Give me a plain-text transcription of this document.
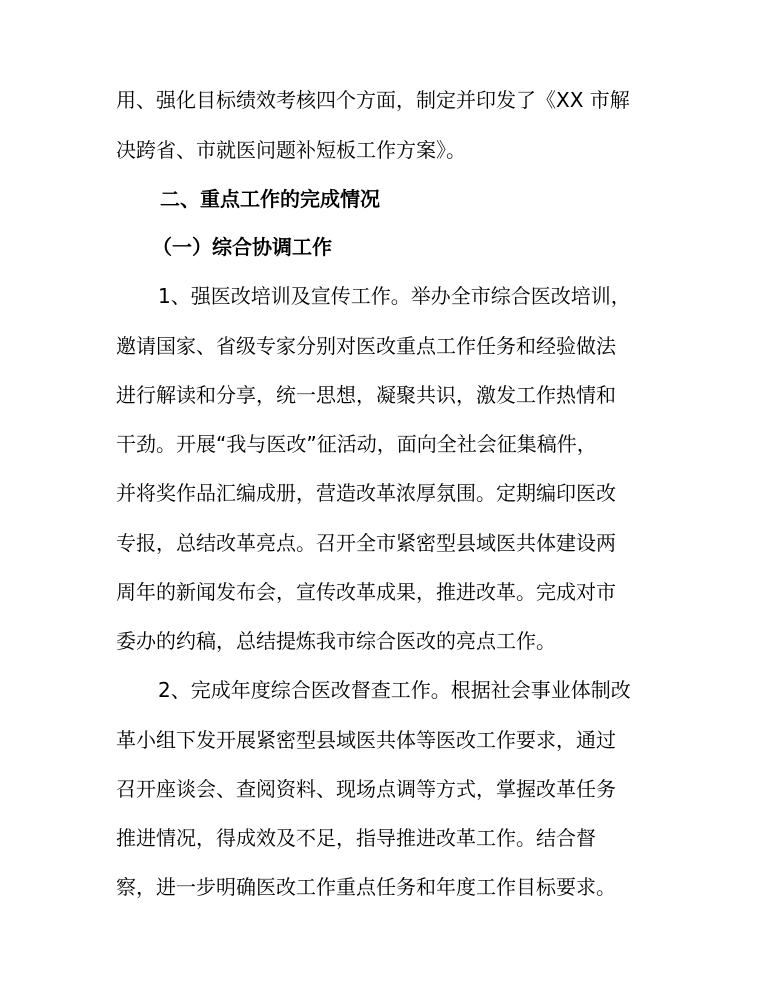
用、强化目标绩效考核四个方面，制定并印发了《XX 市解
决跨省、市就医问题补短板工作方案》。
二、重点工作的完成情况
（一）综合协调工作
1、强医改培训及宣传工作。举办全市综合医改培训，
邀请国家、省级专家分别对医改重点工作任务和经验做法
进行解读和分享，统一思想，凝聚共识，激发工作热情和
干劲。开展“我与医改”征活动，面向全社会征集稿件，
并将奖作品汇编成册，营造改革浓厚氛围。定期编印医改
专报，总结改革亮点。召开全市紧密型县域医共体建设两
周年的新闻发布会，宣传改革成果，推进改革。完成对市
委办的约稿，总结提炼我市综合医改的亮点工作。
2、完成年度综合医改督查工作。根据社会事业体制改
革小组下发开展紧密型县域医共体等医改工作要求，通过
召开座谈会、查阅资料、现场点调等方式，掌握改革任务
推进情况，得成效及不足，指导推进改革工作。结合督
察，进一步明确医改工作重点任务和年度工作目标要求。
